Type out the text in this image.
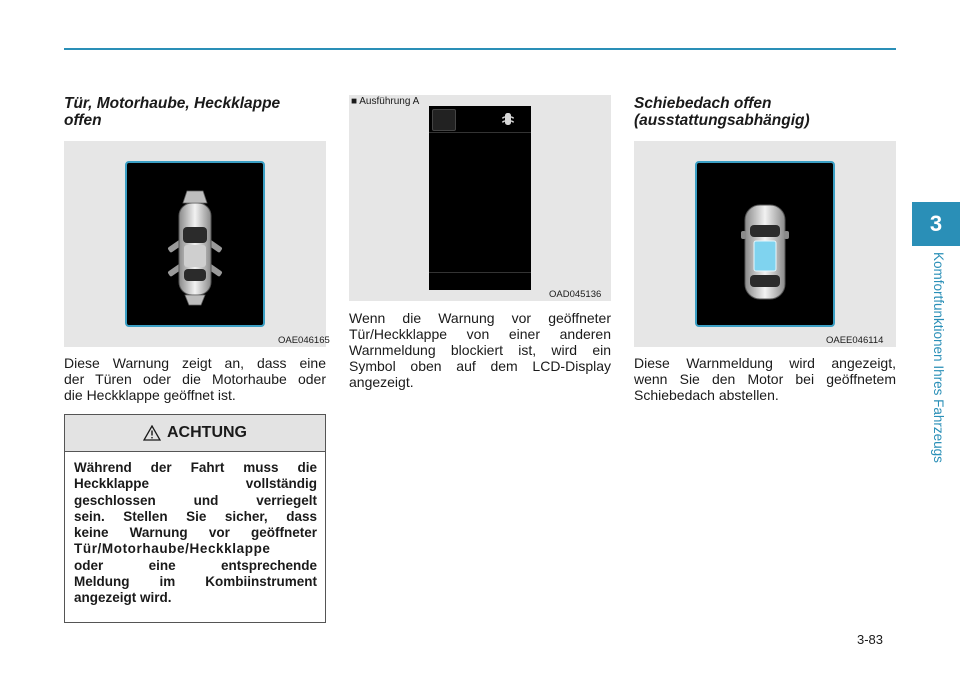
3
Komfortfunktionen Ihres Fahrzeugs
Tür, Motorhaube, Heckklappe
offen
OAE046165
Diese Warnung zeigt an, dass eine
der Türen oder die Motorhaube oder
die Heckklappe geöffnet ist.
ACHTUNG
Während der Fahrt muss die
Heckklappe vollständig
geschlossen und verriegelt
sein. Stellen Sie sicher, dass
keine Warnung vor geöffneter
Tür/Motorhaube/Heckklappe
oder eine entsprechende
Meldung im Kombiinstrument
angezeigt wird.
■ Ausführung A
OAD045136
Wenn die Warnung vor geöffneter
Tür/Heckklappe von einer anderen
Warnmeldung blockiert ist, wird ein
Symbol oben auf dem LCD-Display
angezeigt.
Schiebedach offen
(ausstattungsabhängig)
OAEE046114
Diese Warnmeldung wird angezeigt,
wenn Sie den Motor bei geöffnetem
Schiebedach abstellen.
3-83
